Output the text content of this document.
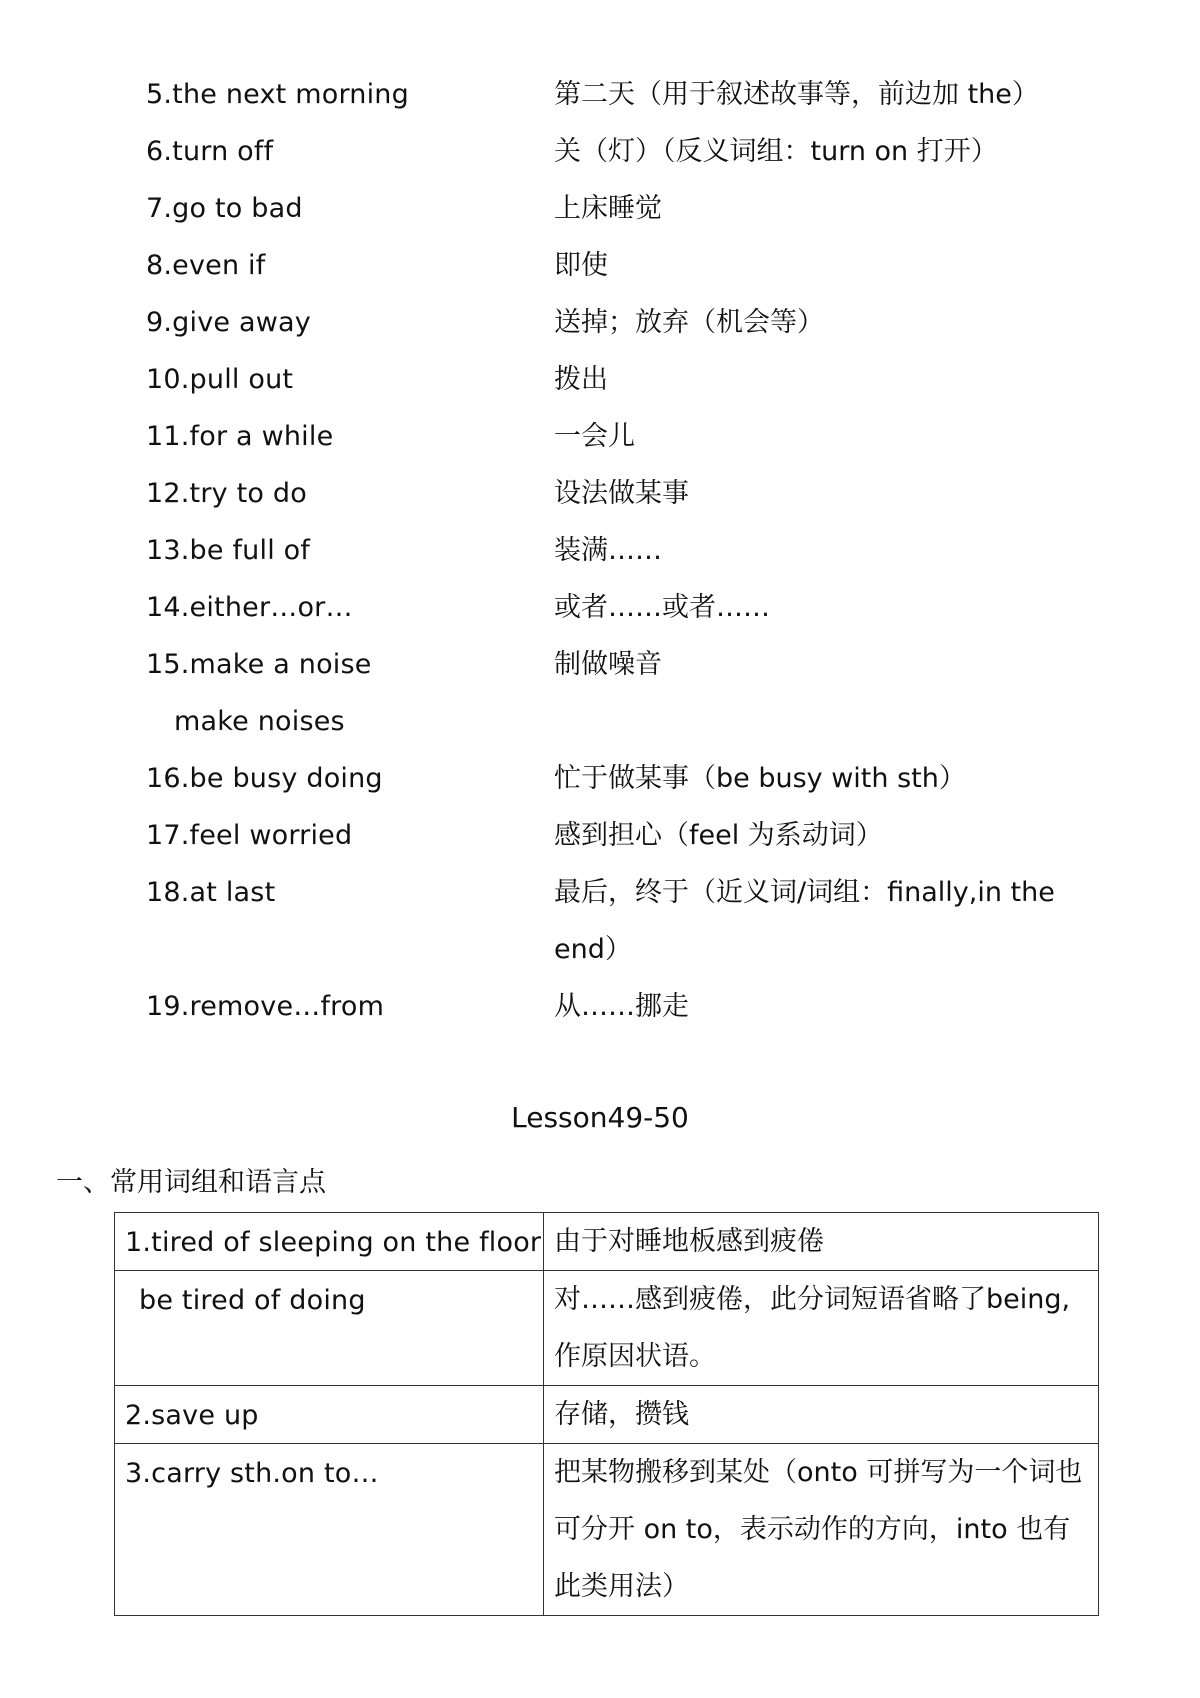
5.the next morning	第二天（用于叙述故事等，前边加 the）
6.turn off	关（灯）（反义词组：turn on 打开）
7.go to bad	上床睡觉
8.even if	即使
9.give away	送掉；放弃（机会等）
10.pull out	拨出
11.for a while	一会儿
12.try to do	设法做某事
13.be full of	装满……
14.either…or…	或者……或者……
15.make a noise	制做噪音
make noises
16.be busy doing	忙于做某事（be busy with sth）
17.feel worried	感到担心（feel 为系动词）
18.at last	最后，终于（近义词/词组：finally,in the end）
19.remove…from	从……挪走
Lesson49-50
一、常用词组和语言点
1.tired of sleeping on the floor	由于对睡地板感到疲倦
be tired of doing	对……感到疲倦，此分词短语省略了being,作原因状语。
2.save up	存储，攒钱
3.carry sth.on to…	把某物搬移到某处（onto 可拼写为一个词也可分开 on to，表示动作的方向，into 也有此类用法）
